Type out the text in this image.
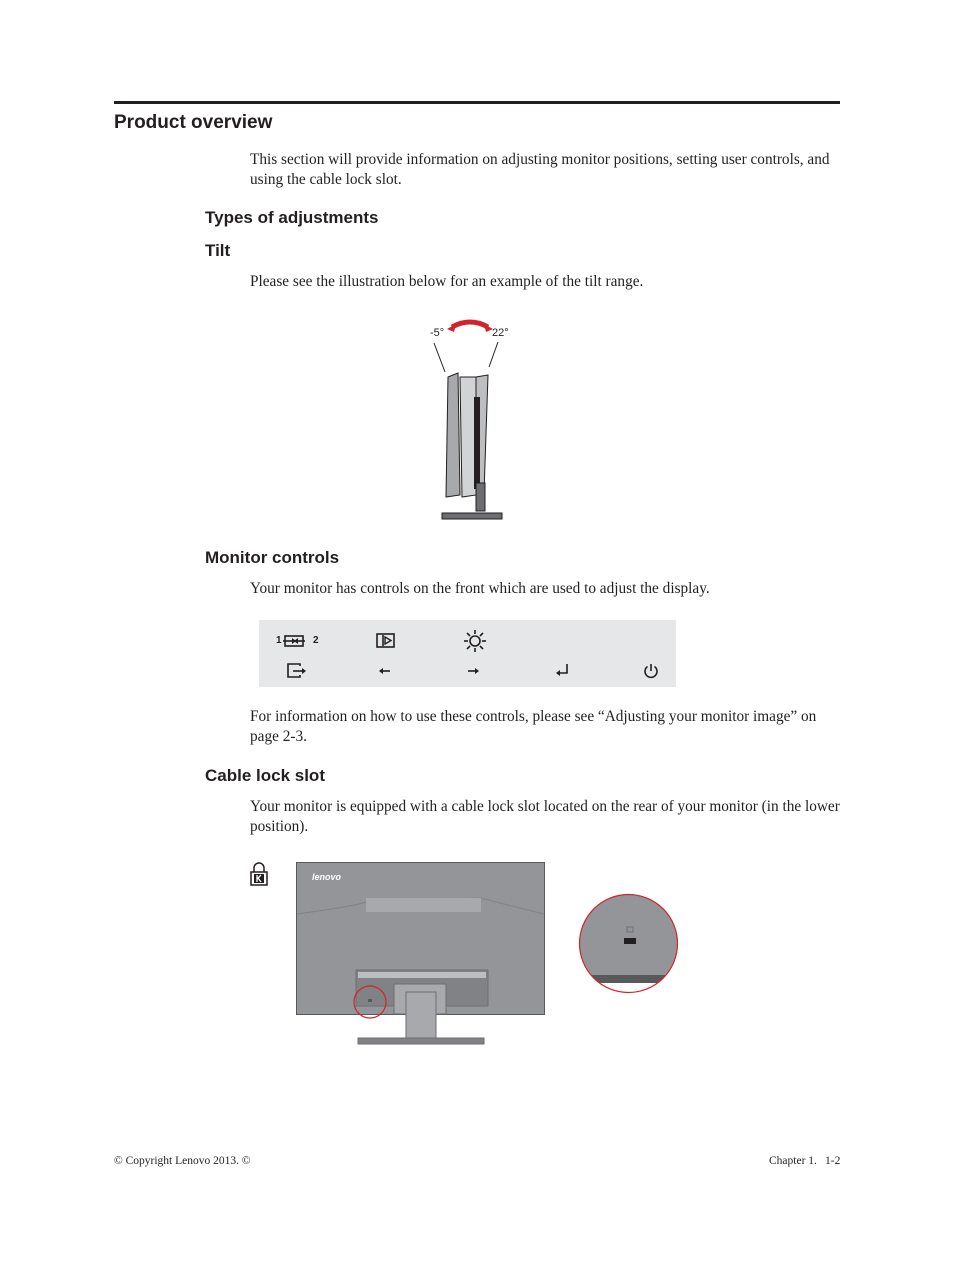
Product overview
This section will provide information on adjusting monitor positions, setting user controls, and using the cable lock slot.
Types of adjustments
Tilt
Please see the illustration below for an example of the tilt range.
-5°	22°
Monitor controls
Your monitor has controls on the front which are used to adjust the display.
1	2
For information on how to use these controls, please see “Adjusting your monitor image” on page 2-3.
Cable lock slot
Your monitor is equipped with a cable lock slot located on the rear of your monitor (in the lower position).
lenovo
© Copyright Lenovo 2013. ©	Chapter 1. 1-2
